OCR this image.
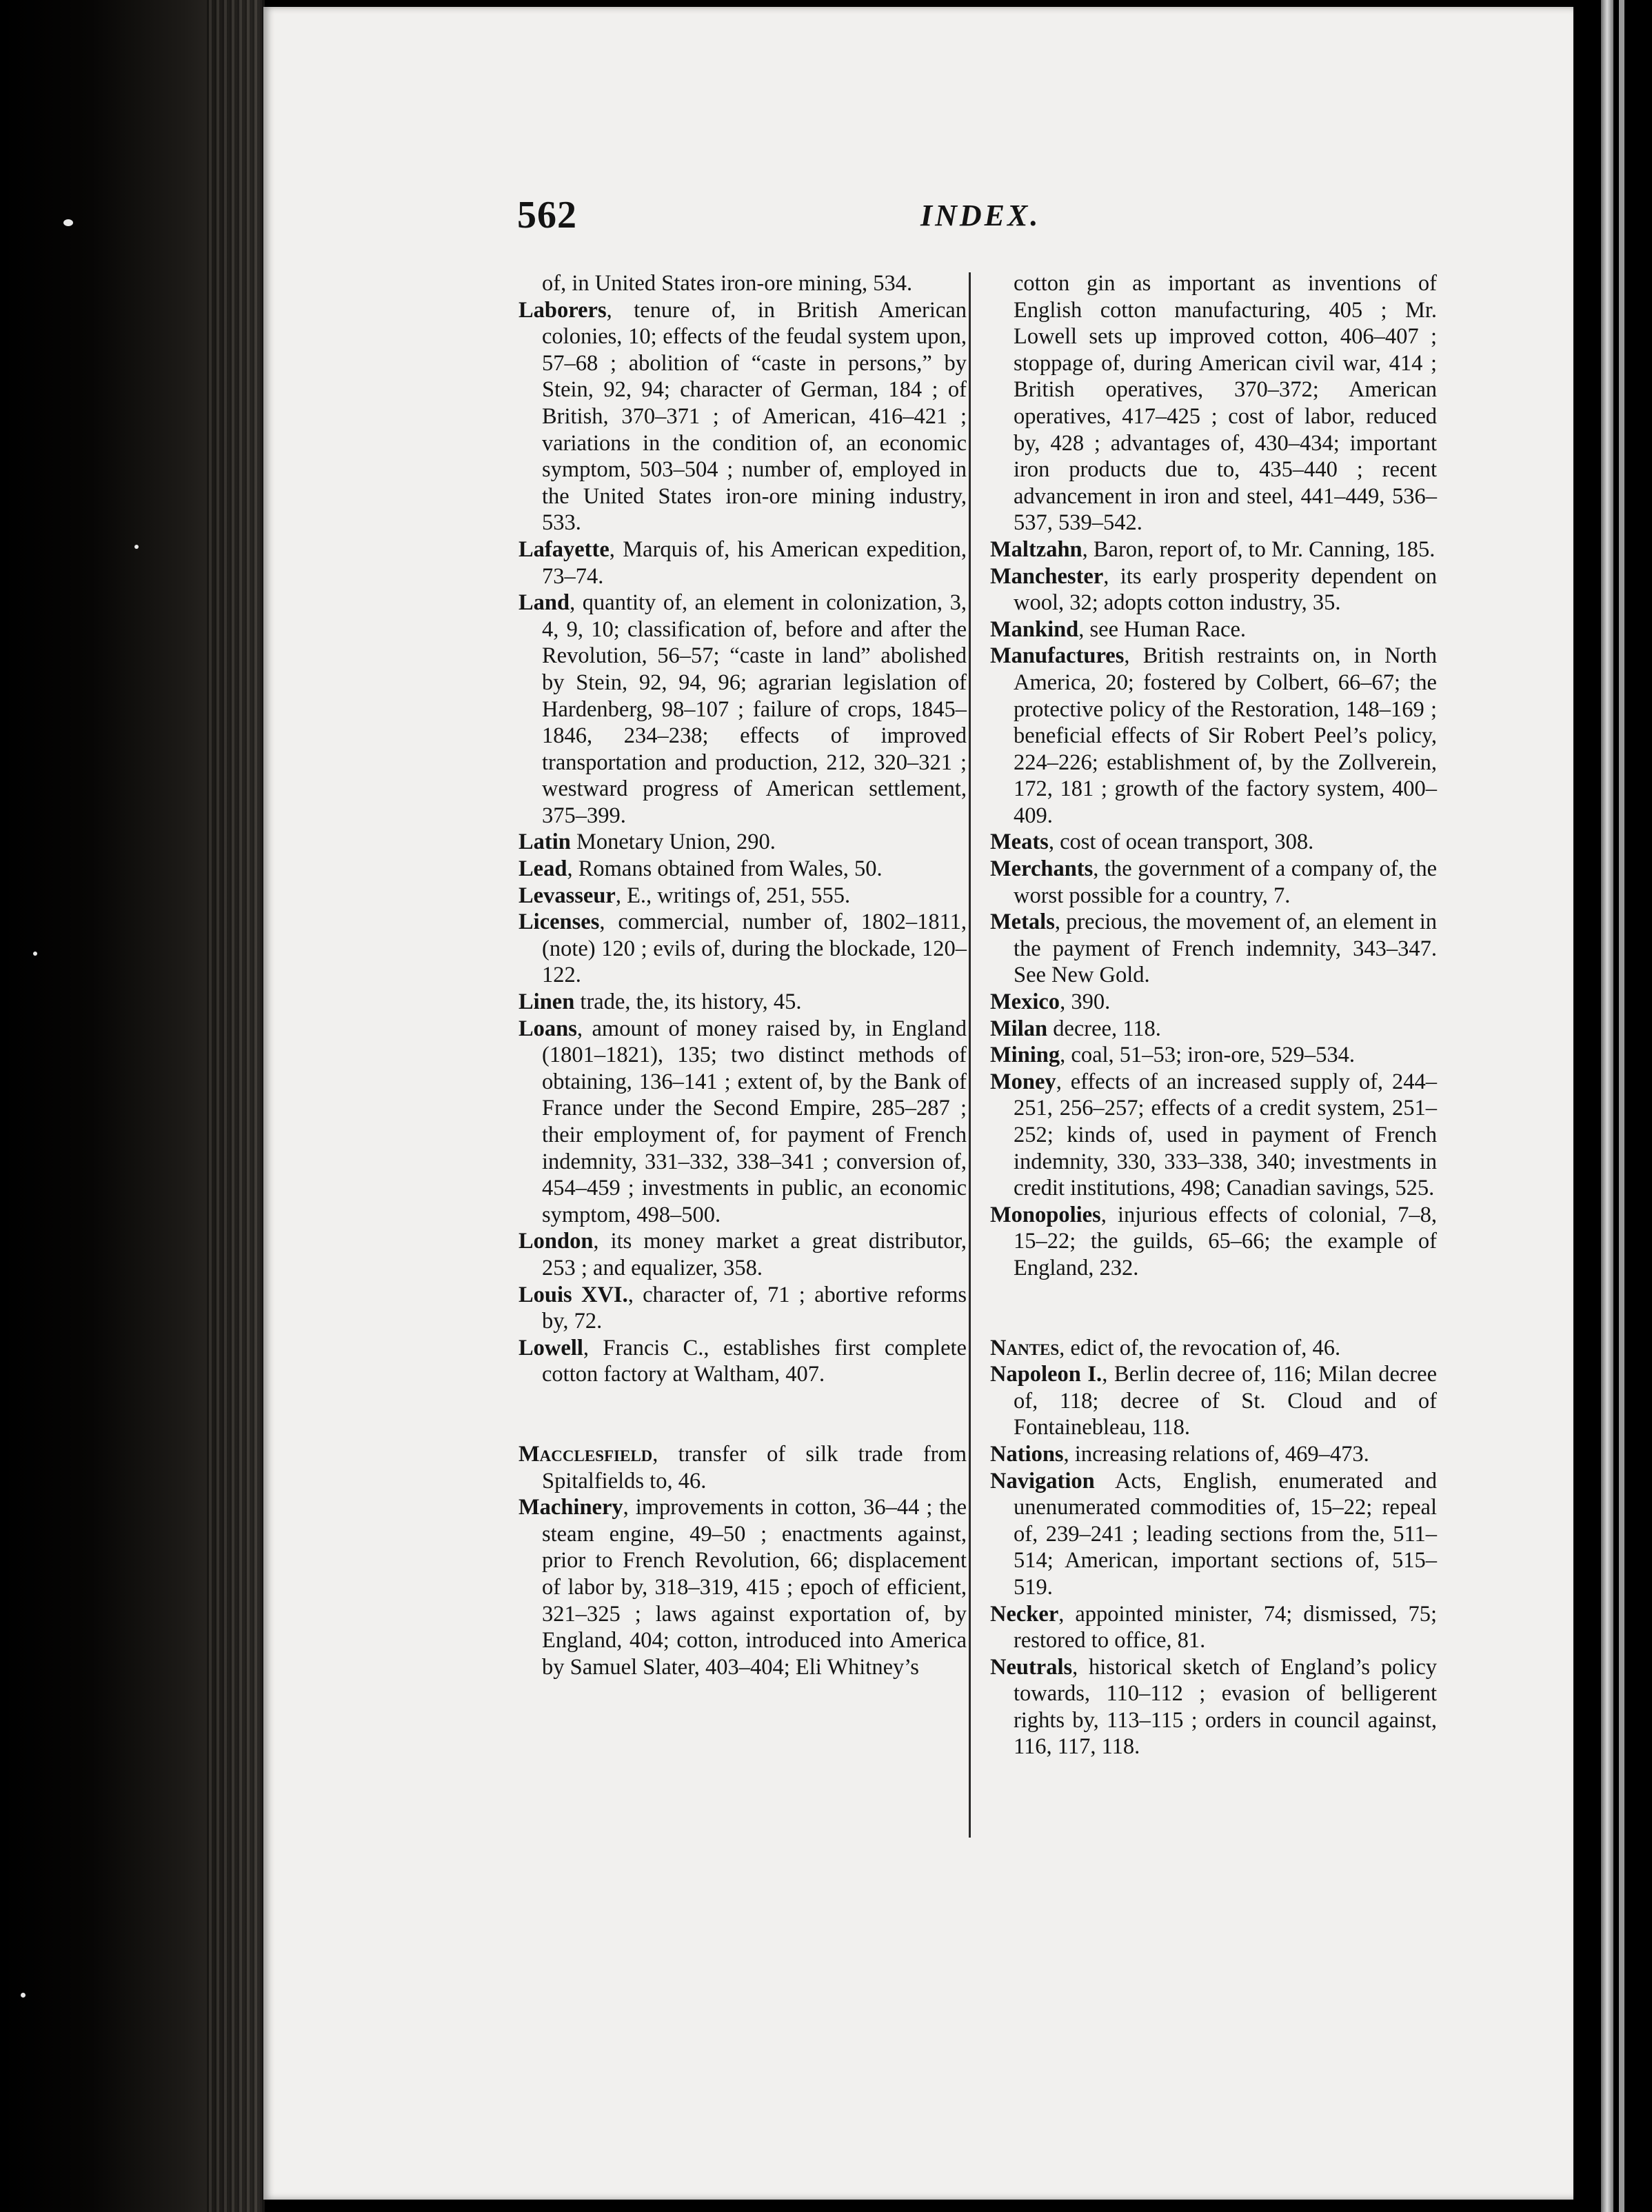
562	INDEX.

of, in United States iron-ore mining, 534.

Laborers, tenure of, in British American colonies, 10; effects of the feudal system upon, 57–68 ; abolition of “caste in persons,” by Stein, 92, 94; character of German, 184 ; of British, 370–371 ; of American, 416–421 ; variations in the condition of, an economic symptom, 503–504 ; number of, employed in the United States iron-ore mining industry, 533.

Lafayette, Marquis of, his American expedition, 73–74.

Land, quantity of, an element in colonization, 3, 4, 9, 10; classification of, before and after the Revolution, 56–57; “caste in land” abolished by Stein, 92, 94, 96; agrarian legislation of Hardenberg, 98–107 ; failure of crops, 1845–1846, 234–238; effects of improved transportation and production, 212, 320–321 ; westward progress of American settlement, 375–399.

Latin Monetary Union, 290.

Lead, Romans obtained from Wales, 50.

Levasseur, E., writings of, 251, 555.

Licenses, commercial, number of, 1802–1811, (note) 120 ; evils of, during the blockade, 120–122.

Linen trade, the, its history, 45.

Loans, amount of money raised by, in England (1801–1821), 135; two distinct methods of obtaining, 136–141 ; extent of, by the Bank of France under the Second Empire, 285–287 ; their employment of, for payment of French indemnity, 331–332, 338–341 ; conversion of, 454–459 ; investments in public, an economic symptom, 498–500.

London, its money market a great distributor, 253 ; and equalizer, 358.

Louis XVI., character of, 71 ; abortive reforms by, 72.

Lowell, Francis C., establishes first complete cotton factory at Waltham, 407.

Macclesfield, transfer of silk trade from Spitalfields to, 46.

Machinery, improvements in cotton, 36–44 ; the steam engine, 49–50 ; enactments against, prior to French Revolution, 66; displacement of labor by, 318–319, 415 ; epoch of efficient, 321–325 ; laws against exportation of, by England, 404; cotton, introduced into America by Samuel Slater, 403–404; Eli Whitney’s

cotton gin as important as inventions of English cotton manufacturing, 405 ; Mr. Lowell sets up improved cotton, 406–407 ; stoppage of, during American civil war, 414 ; British operatives, 370–372; American operatives, 417–425 ; cost of labor, reduced by, 428 ; advantages of, 430–434; important iron products due to, 435–440 ; recent advancement in iron and steel, 441–449, 536–537, 539–542.

Maltzahn, Baron, report of, to Mr. Canning, 185.

Manchester, its early prosperity dependent on wool, 32; adopts cotton industry, 35.

Mankind, see Human Race.

Manufactures, British restraints on, in North America, 20; fostered by Colbert, 66–67; the protective policy of the Restoration, 148–169 ; beneficial effects of Sir Robert Peel’s policy, 224–226; establishment of, by the Zollverein, 172, 181 ; growth of the factory system, 400–409.

Meats, cost of ocean transport, 308.

Merchants, the government of a company of, the worst possible for a country, 7.

Metals, precious, the movement of, an element in the payment of French indemnity, 343–347. See New Gold.

Mexico, 390.

Milan decree, 118.

Mining, coal, 51–53; iron-ore, 529–534.

Money, effects of an increased supply of, 244–251, 256–257; effects of a credit system, 251–252; kinds of, used in payment of French indemnity, 330, 333–338, 340; investments in credit institutions, 498; Canadian savings, 525.

Monopolies, injurious effects of colonial, 7–8, 15–22; the guilds, 65–66; the example of England, 232.

Nantes, edict of, the revocation of, 46.

Napoleon I., Berlin decree of, 116; Milan decree of, 118; decree of St. Cloud and of Fontainebleau, 118.

Nations, increasing relations of, 469–473.

Navigation Acts, English, enumerated and unenumerated commodities of, 15–22; repeal of, 239–241 ; leading sections from the, 511–514; American, important sections of, 515–519.

Necker, appointed minister, 74; dismissed, 75; restored to office, 81.

Neutrals, historical sketch of England’s policy towards, 110–112 ; evasion of belligerent rights by, 113–115 ; orders in council against, 116, 117, 118.
